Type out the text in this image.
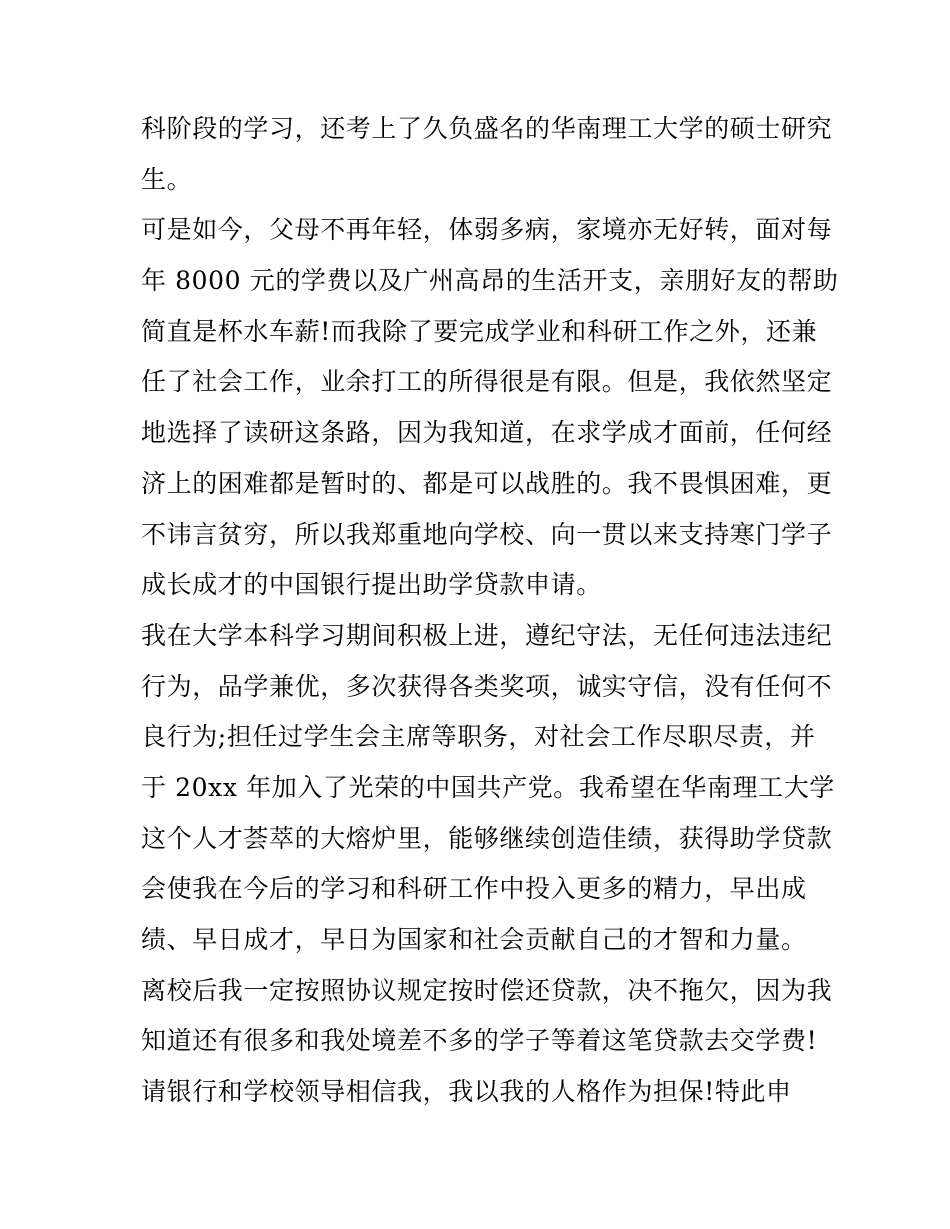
科阶段的学习，还考上了久负盛名的华南理工大学的硕士研究
生。
可是如今，父母不再年轻，体弱多病，家境亦无好转，面对每
年 8000 元的学费以及广州高昂的生活开支，亲朋好友的帮助
简直是杯水车薪!而我除了要完成学业和科研工作之外，还兼
任了社会工作，业余打工的所得很是有限。但是，我依然坚定
地选择了读研这条路，因为我知道，在求学成才面前，任何经
济上的困难都是暂时的、都是可以战胜的。我不畏惧困难，更
不讳言贫穷，所以我郑重地向学校、向一贯以来支持寒门学子
成长成才的中国银行提出助学贷款申请。
我在大学本科学习期间积极上进，遵纪守法，无任何违法违纪
行为，品学兼优，多次获得各类奖项，诚实守信，没有任何不
良行为;担任过学生会主席等职务，对社会工作尽职尽责，并
于 20xx 年加入了光荣的中国共产党。我希望在华南理工大学
这个人才荟萃的大熔炉里，能够继续创造佳绩，获得助学贷款
会使我在今后的学习和科研工作中投入更多的精力，早出成
绩、早日成才，早日为国家和社会贡献自己的才智和力量。
离校后我一定按照协议规定按时偿还贷款，决不拖欠，因为我
知道还有很多和我处境差不多的学子等着这笔贷款去交学费!
请银行和学校领导相信我，我以我的人格作为担保!特此申
